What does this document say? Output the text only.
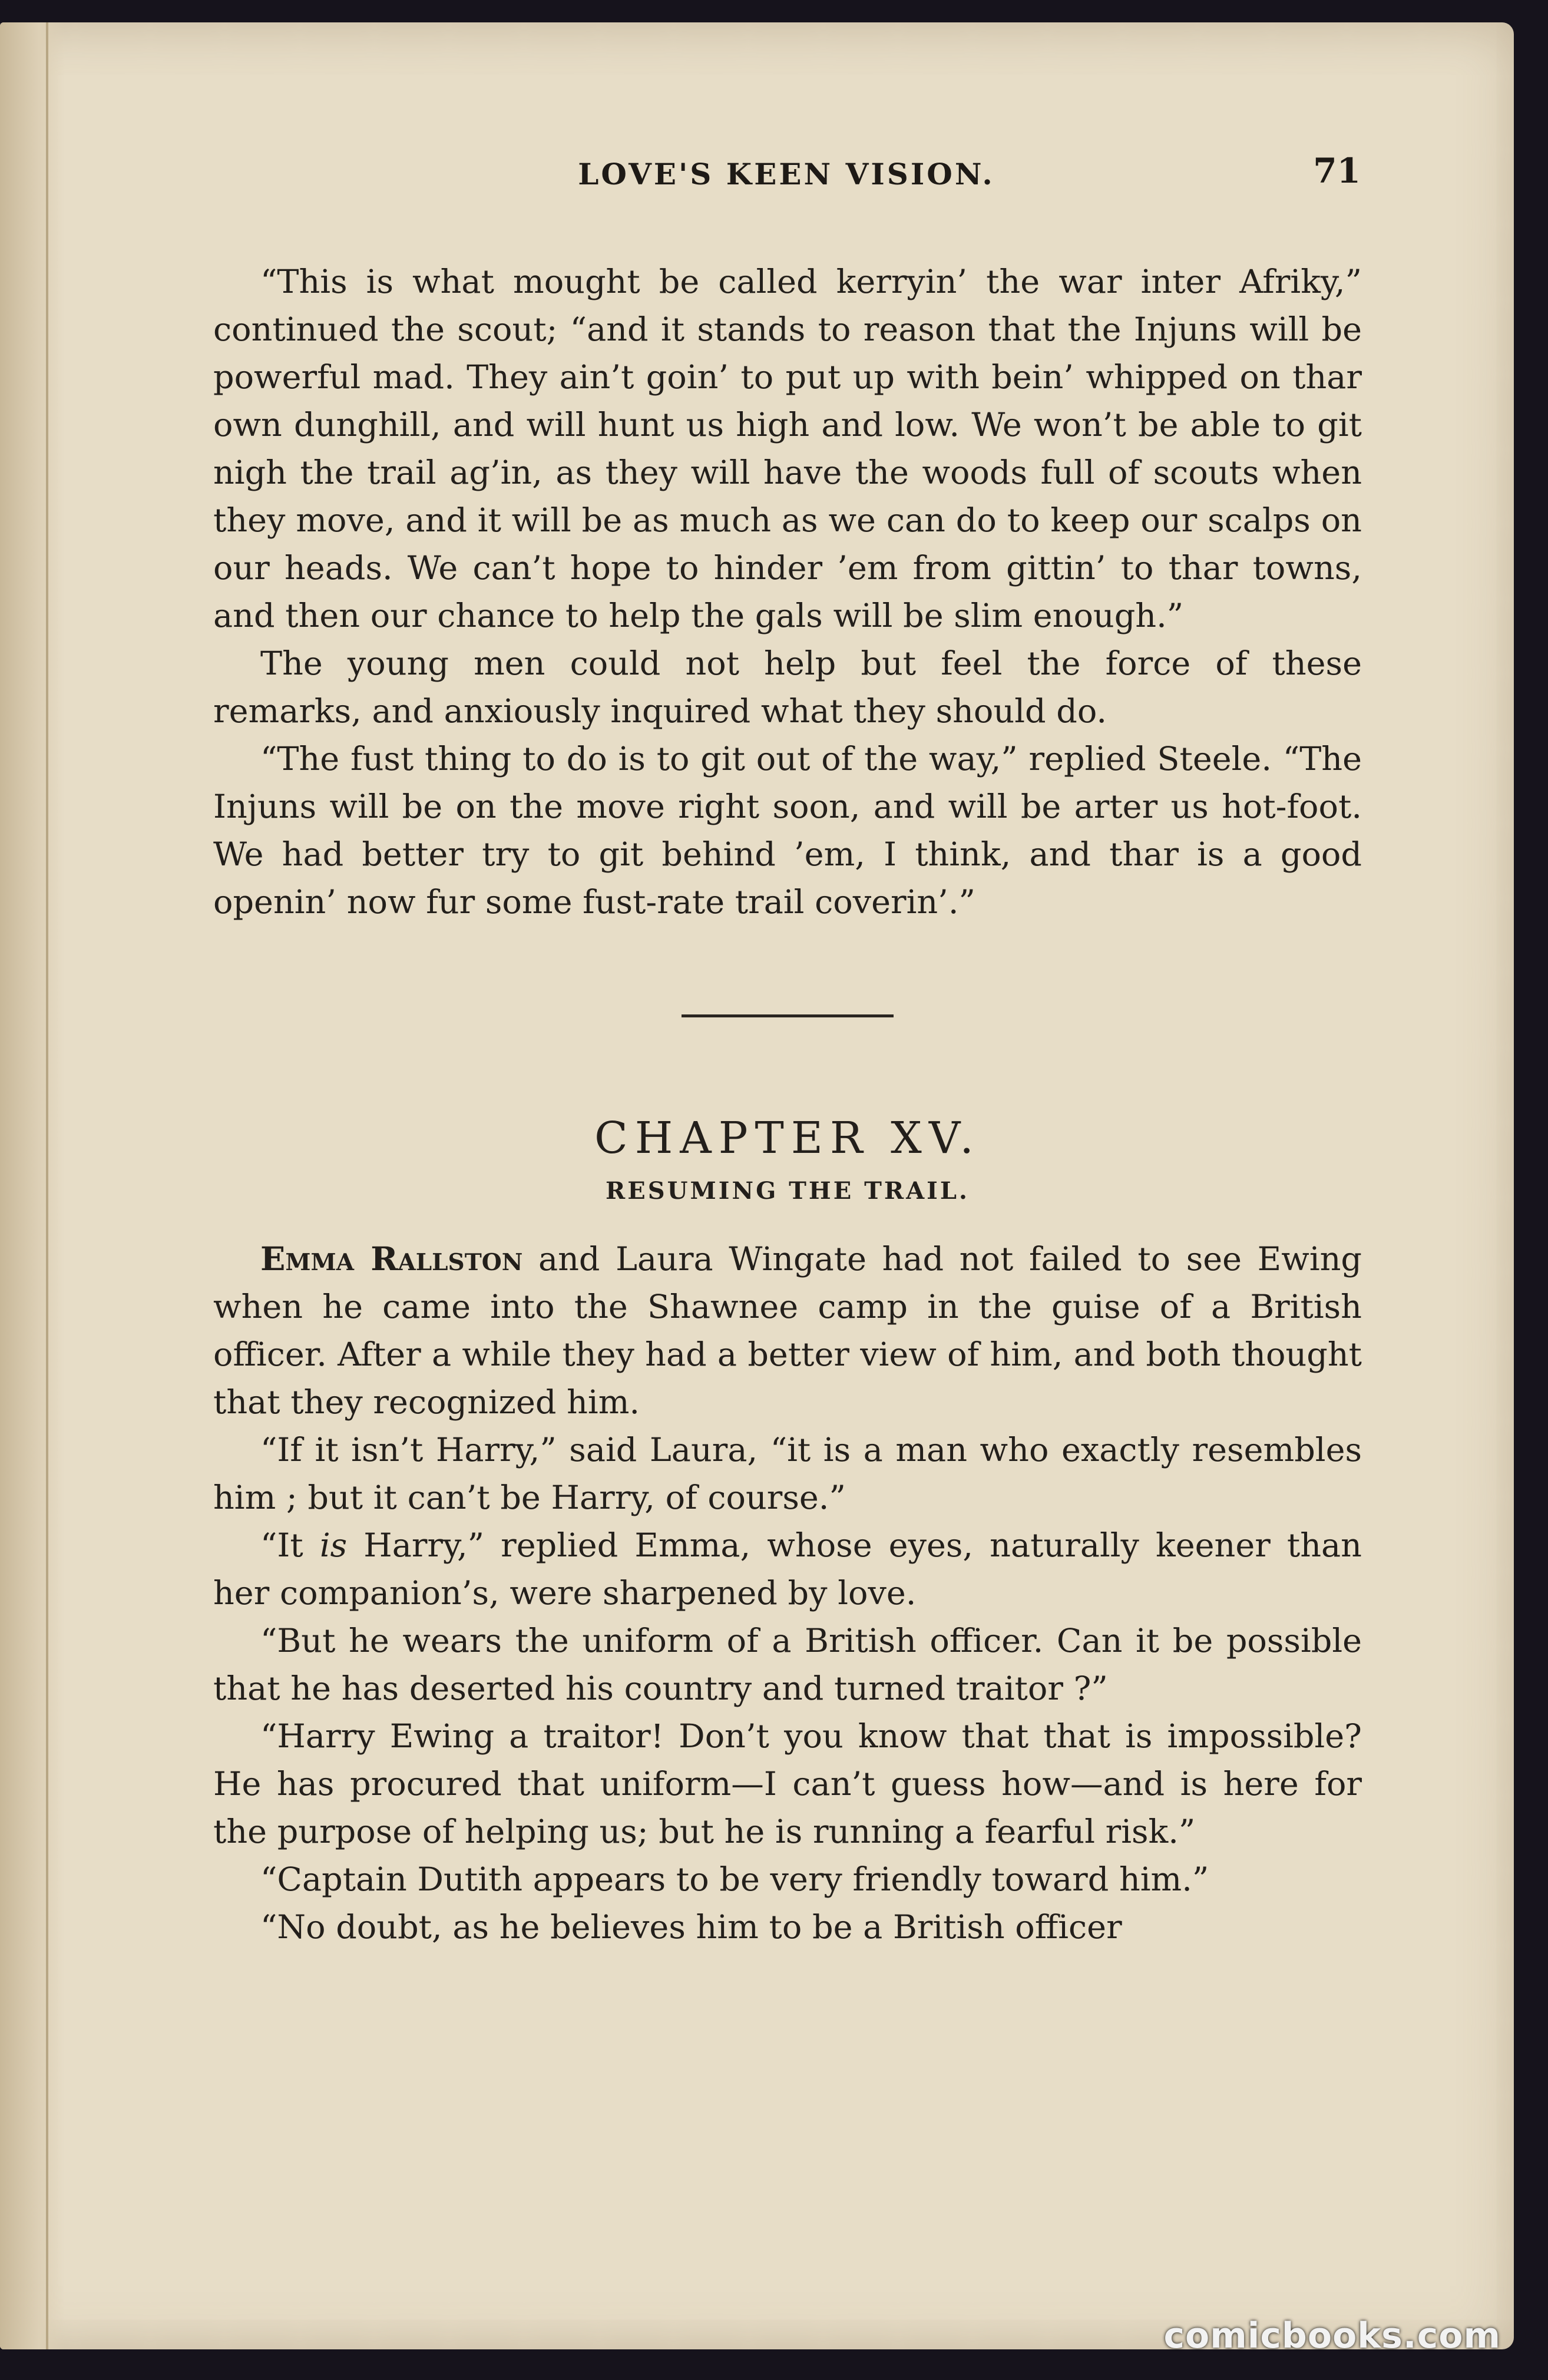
LOVE'S KEEN VISION.	71

“This is what mought be called kerryin’ the war inter Afriky,” continued the scout; “and it stands to reason that the Injuns will be powerful mad. They ain’t goin’ to put up with bein’ whipped on thar own dunghill, and will hunt us high and low. We won’t be able to git nigh the trail ag’in, as they will have the woods full of scouts when they move, and it will be as much as we can do to keep our scalps on our heads. We can’t hope to hinder ’em from gittin’ to thar towns, and then our chance to help the gals will be slim enough.”

The young men could not help but feel the force of these remarks, and anxiously inquired what they should do.

“The fust thing to do is to git out of the way,” replied Steele. “The Injuns will be on the move right soon, and will be arter us hot-foot. We had better try to git behind ’em, I think, and thar is a good openin’ now fur some fust-rate trail coverin’.”

CHAPTER XV.
RESUMING THE TRAIL.

Emma Rallston and Laura Wingate had not failed to see Ewing when he came into the Shawnee camp in the guise of a British officer. After a while they had a better view of him, and both thought that they recognized him.

“If it isn’t Harry,” said Laura, “it is a man who exactly resembles him ; but it can’t be Harry, of course.”

“It is Harry,” replied Emma, whose eyes, naturally keener than her companion’s, were sharpened by love.

“But he wears the uniform of a British officer. Can it be possible that he has deserted his country and turned traitor ?”

“Harry Ewing a traitor! Don’t you know that that is impossible? He has procured that uniform—I can’t guess how—and is here for the purpose of helping us; but he is running a fearful risk.”

“Captain Dutith appears to be very friendly toward him.”

“No doubt, as he believes him to be a British officer

comicbooks.com
